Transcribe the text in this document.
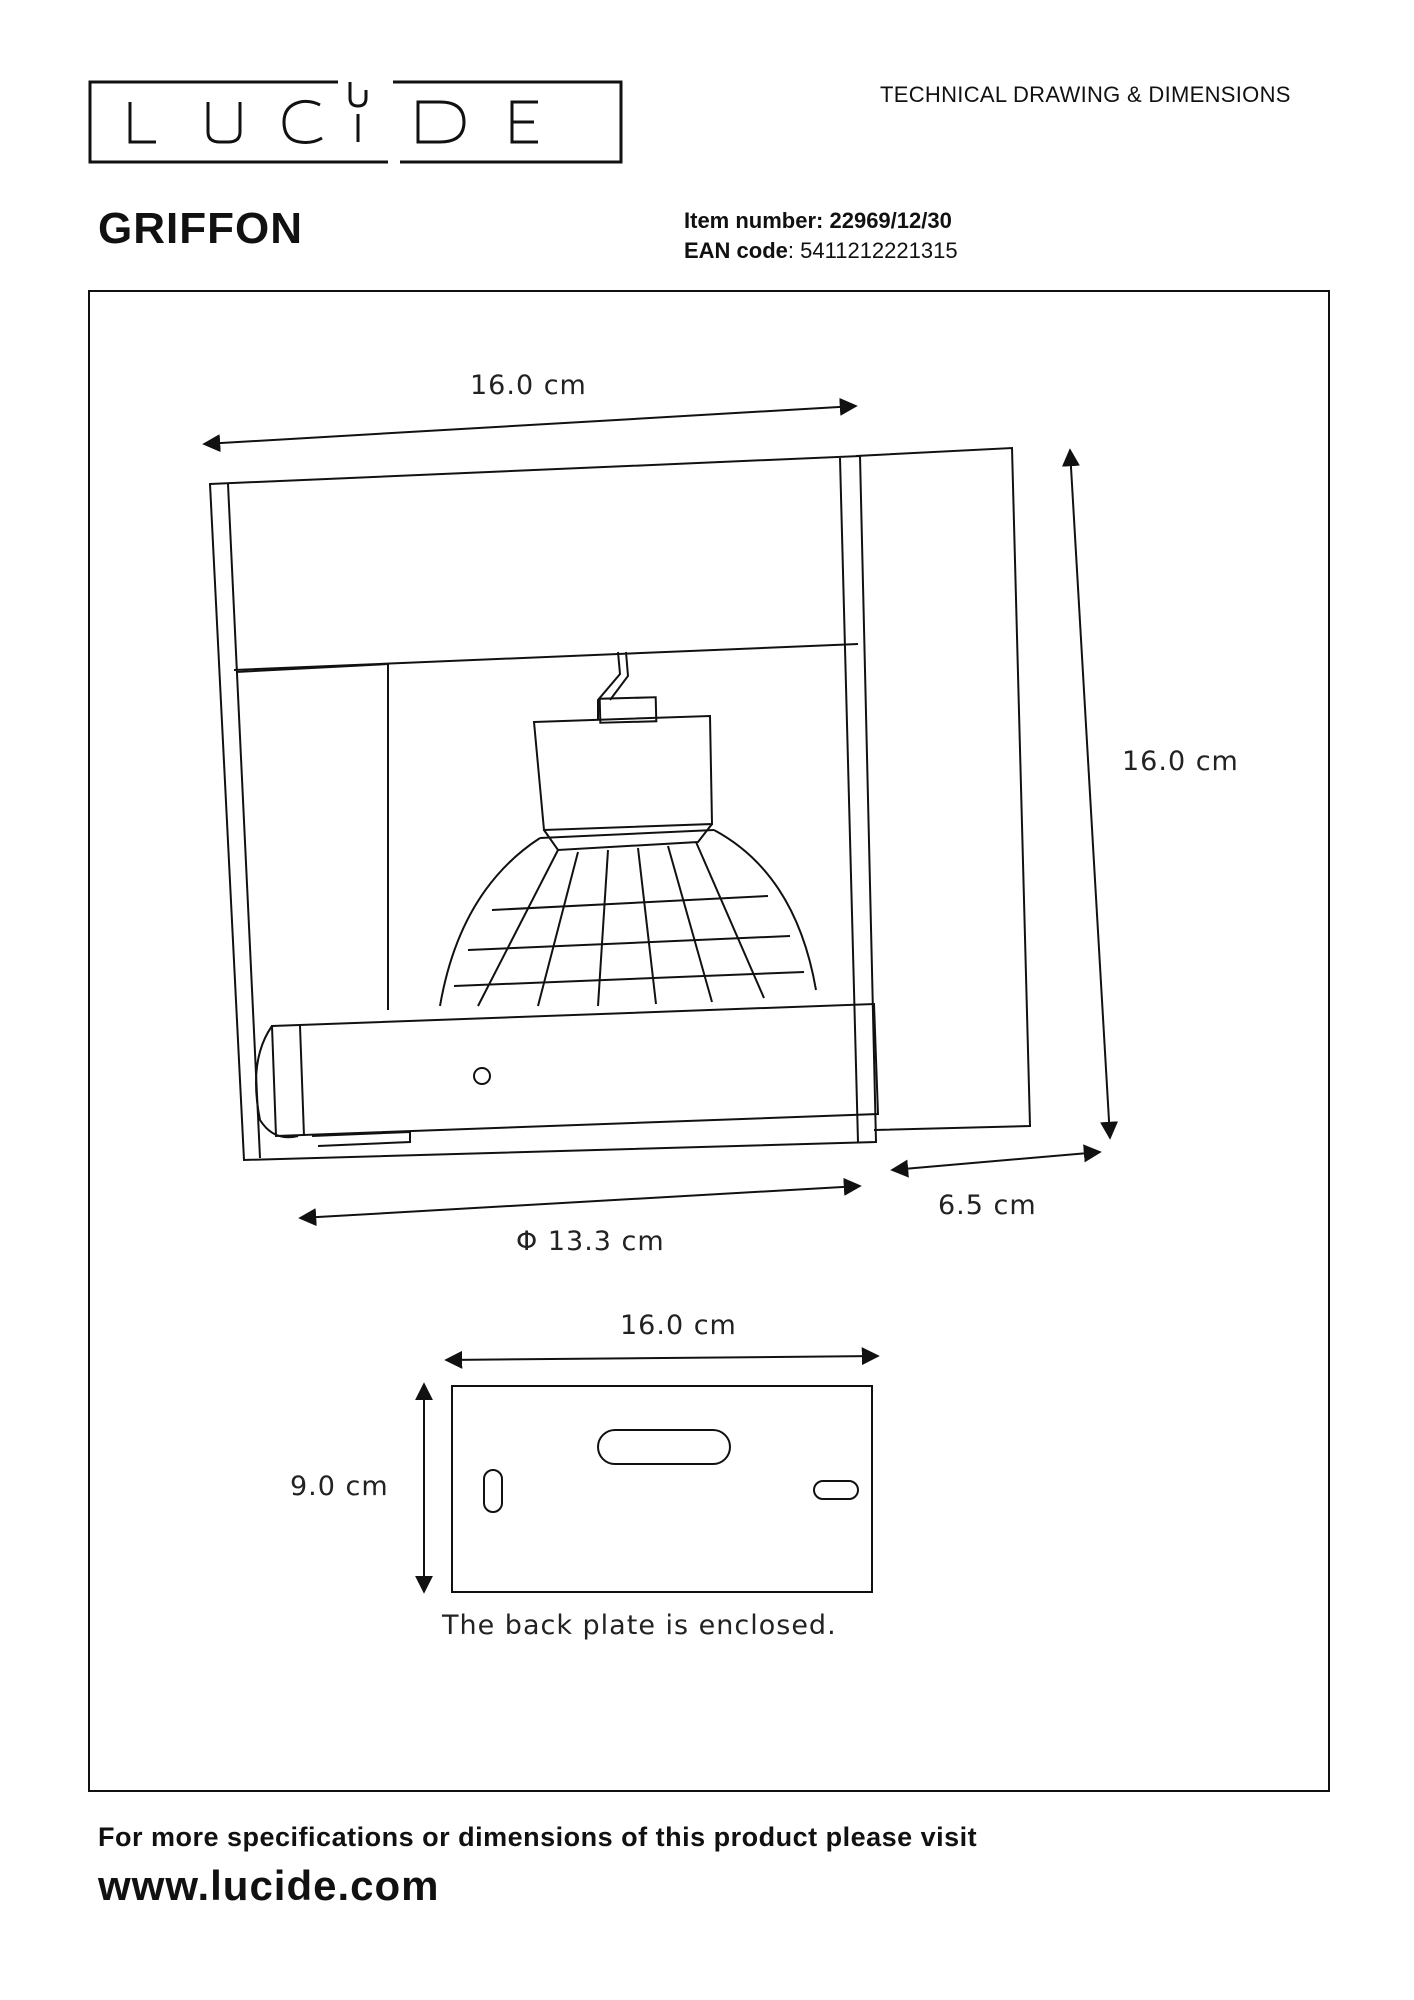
TECHNICAL DRAWING & DIMENSIONS
GRIFFON	Item number: 22969/12/30
EAN code: 5411212221315
16.0 cm
16.0 cm
6.5 cm
Φ 13.3 cm
16.0 cm
9.0 cm
The back plate is enclosed.
For more specifications or dimensions of this product please visit
www.lucide.com
